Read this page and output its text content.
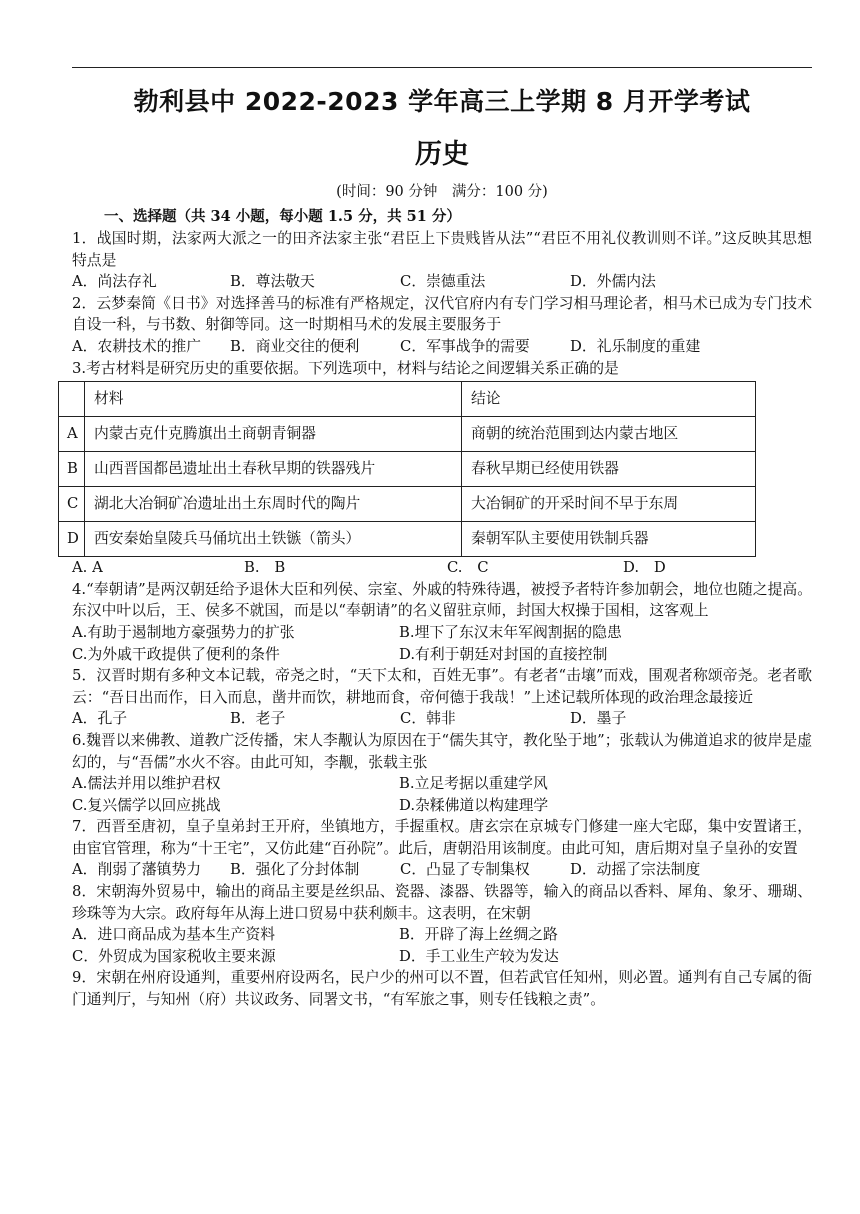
勃利县中 2022-2023 学年高三上学期 8 月开学考试
历史
(时间：90 分钟　满分：100 分)
一、选择题（共 34 小题，每小题 1.5 分，共 51 分）

1．战国时期，法家两大派之一的田齐法家主张“君臣上下贵贱皆从法”“君臣不用礼仪教训则不详。”这反映其思想特点是

A．尚法存礼	B．尊法敬天	C．崇德重法	D．外儒内法

2．云梦秦简《日书》对选择善马的标准有严格规定，汉代官府内有专门学习相马理论者，相马术已成为专门技术自设一科，与书数、射御等同。这一时期相马术的发展主要服务于

A．农耕技术的推广	B．商业交往的便利	C．军事战争的需要	D．礼乐制度的重建

3.考古材料是研究历史的重要依据。下列选项中，材料与结论之间逻辑关系正确的是

	材料	结论
A	内蒙古克什克腾旗出土商朝青铜器	商朝的统治范围到达内蒙古地区
B	山西晋国都邑遗址出土春秋早期的铁器残片	春秋早期已经使用铁器
C	湖北大冶铜矿冶遗址出土东周时代的陶片	大冶铜矿的开采时间不早于东周
D	西安秦始皇陵兵马俑坑出土铁镞（箭头）	秦朝军队主要使用铁制兵器
A. A	B.　B	C.　C	D.　D

4.“奉朝请”是两汉朝廷给予退休大臣和列侯、宗室、外戚的特殊待遇，被授予者特许参加朝会，地位也随之提高。东汉中叶以后，王、侯多不就国，而是以“奉朝请”的名义留驻京师，封国大权操于国相，这客观上

A.有助于遏制地方豪强势力的扩张	B.埋下了东汉末年军阀割据的隐患
C.为外戚干政提供了便利的条件	D.有利于朝廷对封国的直接控制

5．汉晋时期有多种文本记载，帝尧之时，“天下太和，百姓无事”。有老者“击壤”而戏，围观者称颂帝尧。老者歌云：“吾日出而作，日入而息，凿井而饮，耕地而食，帝何德于我哉！”上述记载所体现的政治理念最接近

A．孔子	B．老子	C．韩非	D．墨子

6.魏晋以来佛教、道教广泛传播，宋人李觏认为原因在于“儒失其守，教化坠于地”；张载认为佛道追求的彼岸是虚幻的，与“吾儒”水火不容。由此可知，李觏，张载主张

A.儒法并用以维护君权	B.立足考据以重建学风
C.复兴儒学以回应挑战	D.杂糅佛道以构建理学

7．西晋至唐初，皇子皇弟封王开府，坐镇地方，手握重权。唐玄宗在京城专门修建一座大宅邸，集中安置诸王，由宦官管理，称为“十王宅”，又仿此建“百孙院”。此后，唐朝沿用该制度。由此可知，唐后期对皇子皇孙的安置

A．削弱了藩镇势力	B．强化了分封体制	C．凸显了专制集权	D．动摇了宗法制度

8．宋朝海外贸易中，输出的商品主要是丝织品、瓷器、漆器、铁器等，输入的商品以香料、犀角、象牙、珊瑚、珍珠等为大宗。政府每年从海上进口贸易中获利颇丰。这表明，在宋朝

A．进口商品成为基本生产资料	B．开辟了海上丝绸之路
C．外贸成为国家税收主要来源	D．手工业生产较为发达

9．宋朝在州府设通判，重要州府设两名，民户少的州可以不置，但若武官任知州，则必置。通判有自己专属的衙门通判厅，与知州（府）共议政务、同署文书，“有军旅之事，则专任钱粮之责”。
